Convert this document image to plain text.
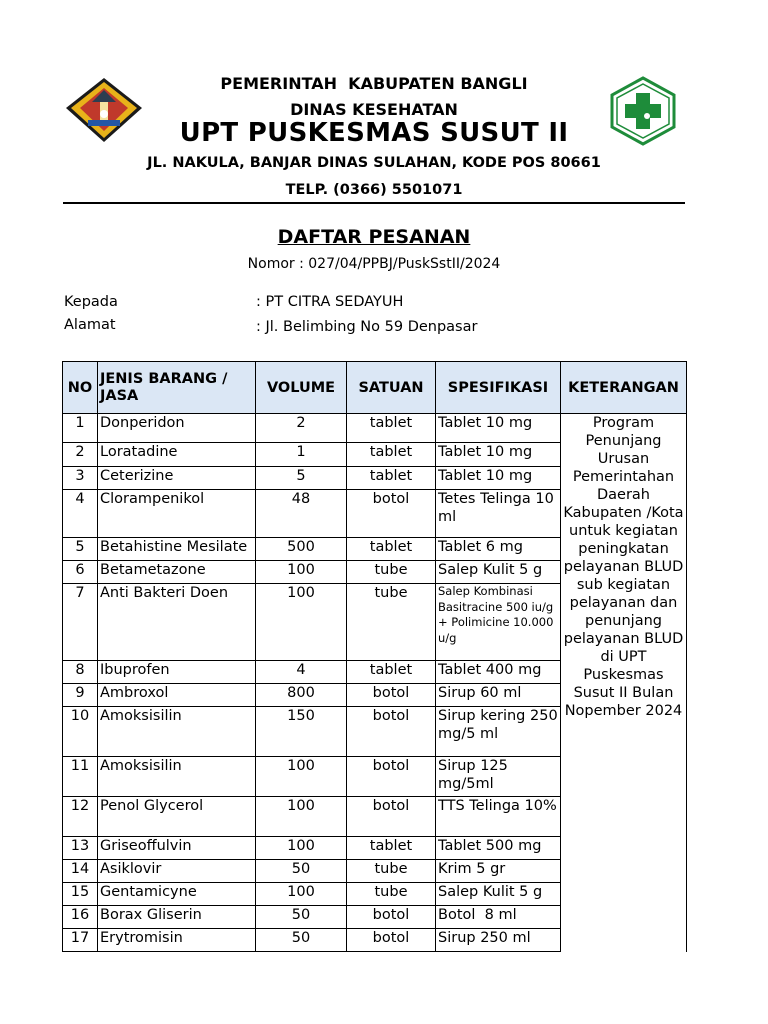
PEMERINTAH  KABUPATEN BANGLI
DINAS KESEHATAN
UPT PUSKESMAS SUSUT II
JL. NAKULA, BANJAR DINAS SULAHAN, KODE POS 80661
TELP. (0366) 5501071
DAFTAR PESANAN
Nomor : 027/04/PPBJ/PuskSstII/2024
Kepada	: PT CITRA SEDAYUH
Alamat	: Jl. Belimbing No 59 Denpasar
NO	JENIS BARANG / JASA	VOLUME	SATUAN	SPESIFIKASI	KETERANGAN
1	Donperidon	2	tablet	Tablet 10 mg	Program Penunjang Urusan Pemerintahan Daerah Kabupaten /Kota untuk kegiatan peningkatan pelayanan BLUD sub kegiatan pelayanan dan penunjang pelayanan BLUD di UPT Puskesmas Susut II Bulan Nopember 2024
2	Loratadine	1	tablet	Tablet 10 mg	
3	Ceterizine	5	tablet	Tablet 10 mg	
4	Clorampenikol	48	botol	Tetes Telinga 10 ml	
5	Betahistine Mesilate	500	tablet	Tablet 6 mg	
6	Betametazone	100	tube	Salep Kulit 5 g	
7	Anti Bakteri Doen	100	tube	Salep Kombinasi Basitracine 500 iu/g + Polimicine 10.000 u/g	

8	Ibuprofen	4	tablet	Tablet 400 mg	
9	Ambroxol	800	botol	Sirup 60 ml	
10	Amoksisilin	150	botol	Sirup kering 250 mg/5 ml	
11	Amoksisilin	100	botol	Sirup 125 mg/5ml	
12	Penol Glycerol	100	botol	TTS Telinga 10%	
13	Griseoffulvin	100	tablet	Tablet 500 mg	
14	Asiklovir	50	tube	Krim 5 gr	
15	Gentamicyne	100	tube	Salep Kulit 5 g	
16	Borax Gliserin	50	botol	Botol  8 ml	
17	Erytromisin	50	botol	Sirup 250 ml	
